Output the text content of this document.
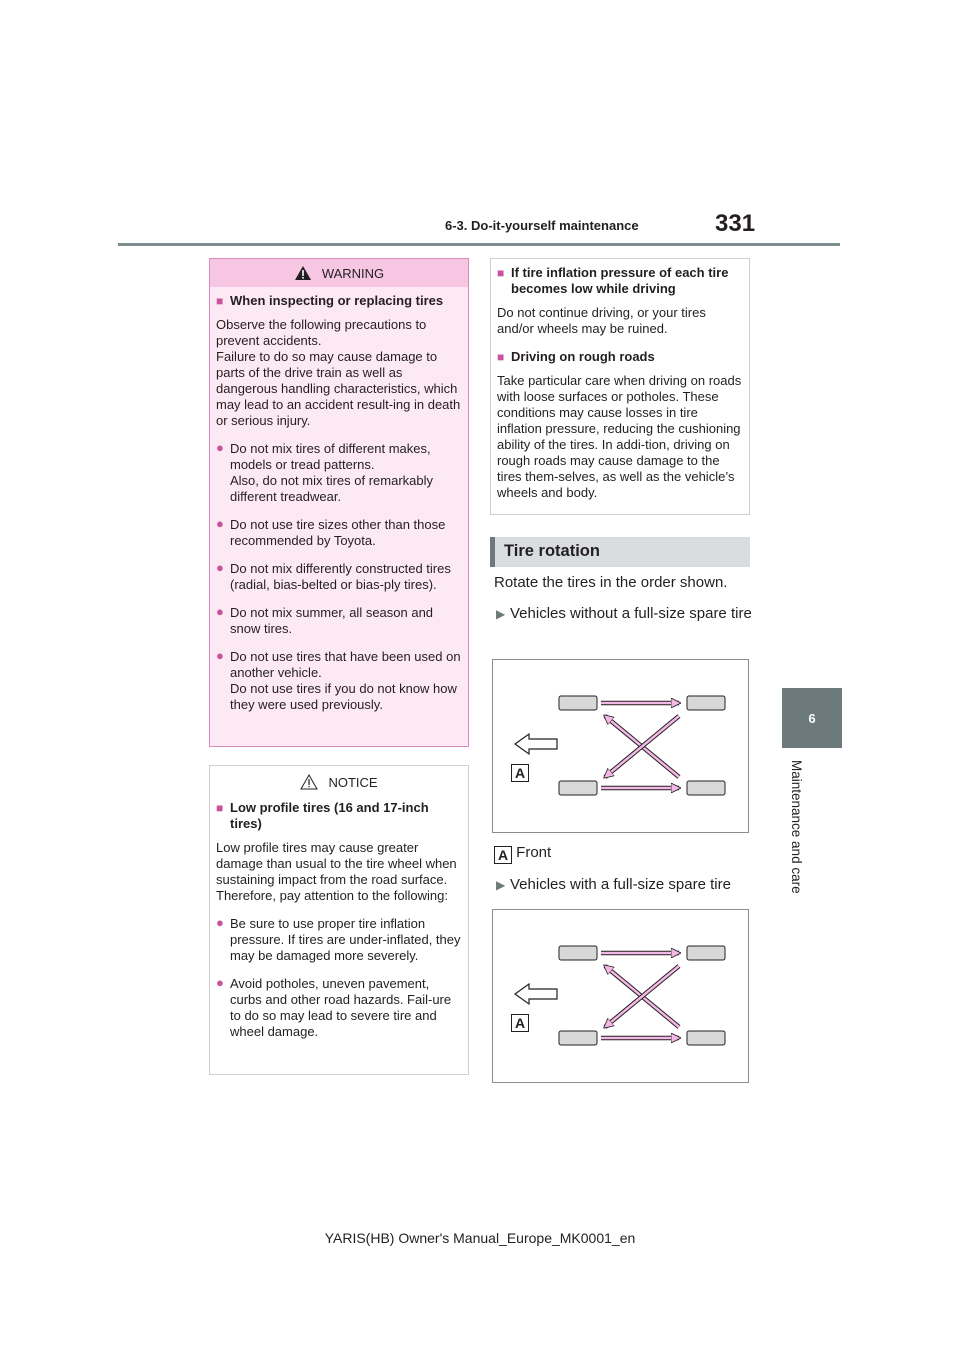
6-3. Do-it-yourself maintenance	331
6
Maintenance and care
WARNING
■ When inspecting or replacing tires
Observe the following precautions to prevent accidents.
Failure to do so may cause damage to parts of the drive train as well as dangerous handling characteristics, which may lead to an accident result-ing in death or serious injury.
● Do not mix tires of different makes, models or tread patterns.
Also, do not mix tires of remarkably different treadwear.
● Do not use tire sizes other than those recommended by Toyota.
● Do not mix differently constructed tires (radial, bias-belted or bias-ply tires).
● Do not mix summer, all season and snow tires.
● Do not use tires that have been used on another vehicle.
Do not use tires if you do not know how they were used previously.
NOTICE
■ Low profile tires (16 and 17-inch tires)
Low profile tires may cause greater damage than usual to the tire wheel when sustaining impact from the road surface. Therefore, pay attention to the following:
● Be sure to use proper tire inflation pressure. If tires are under-inflated, they may be damaged more severely.
● Avoid potholes, uneven pavement, curbs and other road hazards. Fail-ure to do so may lead to severe tire and wheel damage.
■ If tire inflation pressure of each tire becomes low while driving
Do not continue driving, or your tires and/or wheels may be ruined.
■ Driving on rough roads
Take particular care when driving on roads with loose surfaces or potholes. These conditions may cause losses in tire inflation pressure, reducing the cushioning ability of the tires. In addi-tion, driving on rough roads may cause damage to the tires them-selves, as well as the vehicle’s wheels and body.
Tire rotation
Rotate the tires in the order shown.
▶ Vehicles without a full-size spare tire
A
A Front
▶ Vehicles with a full-size spare tire
A
YARIS(HB) Owner's Manual_Europe_MK0001_en
